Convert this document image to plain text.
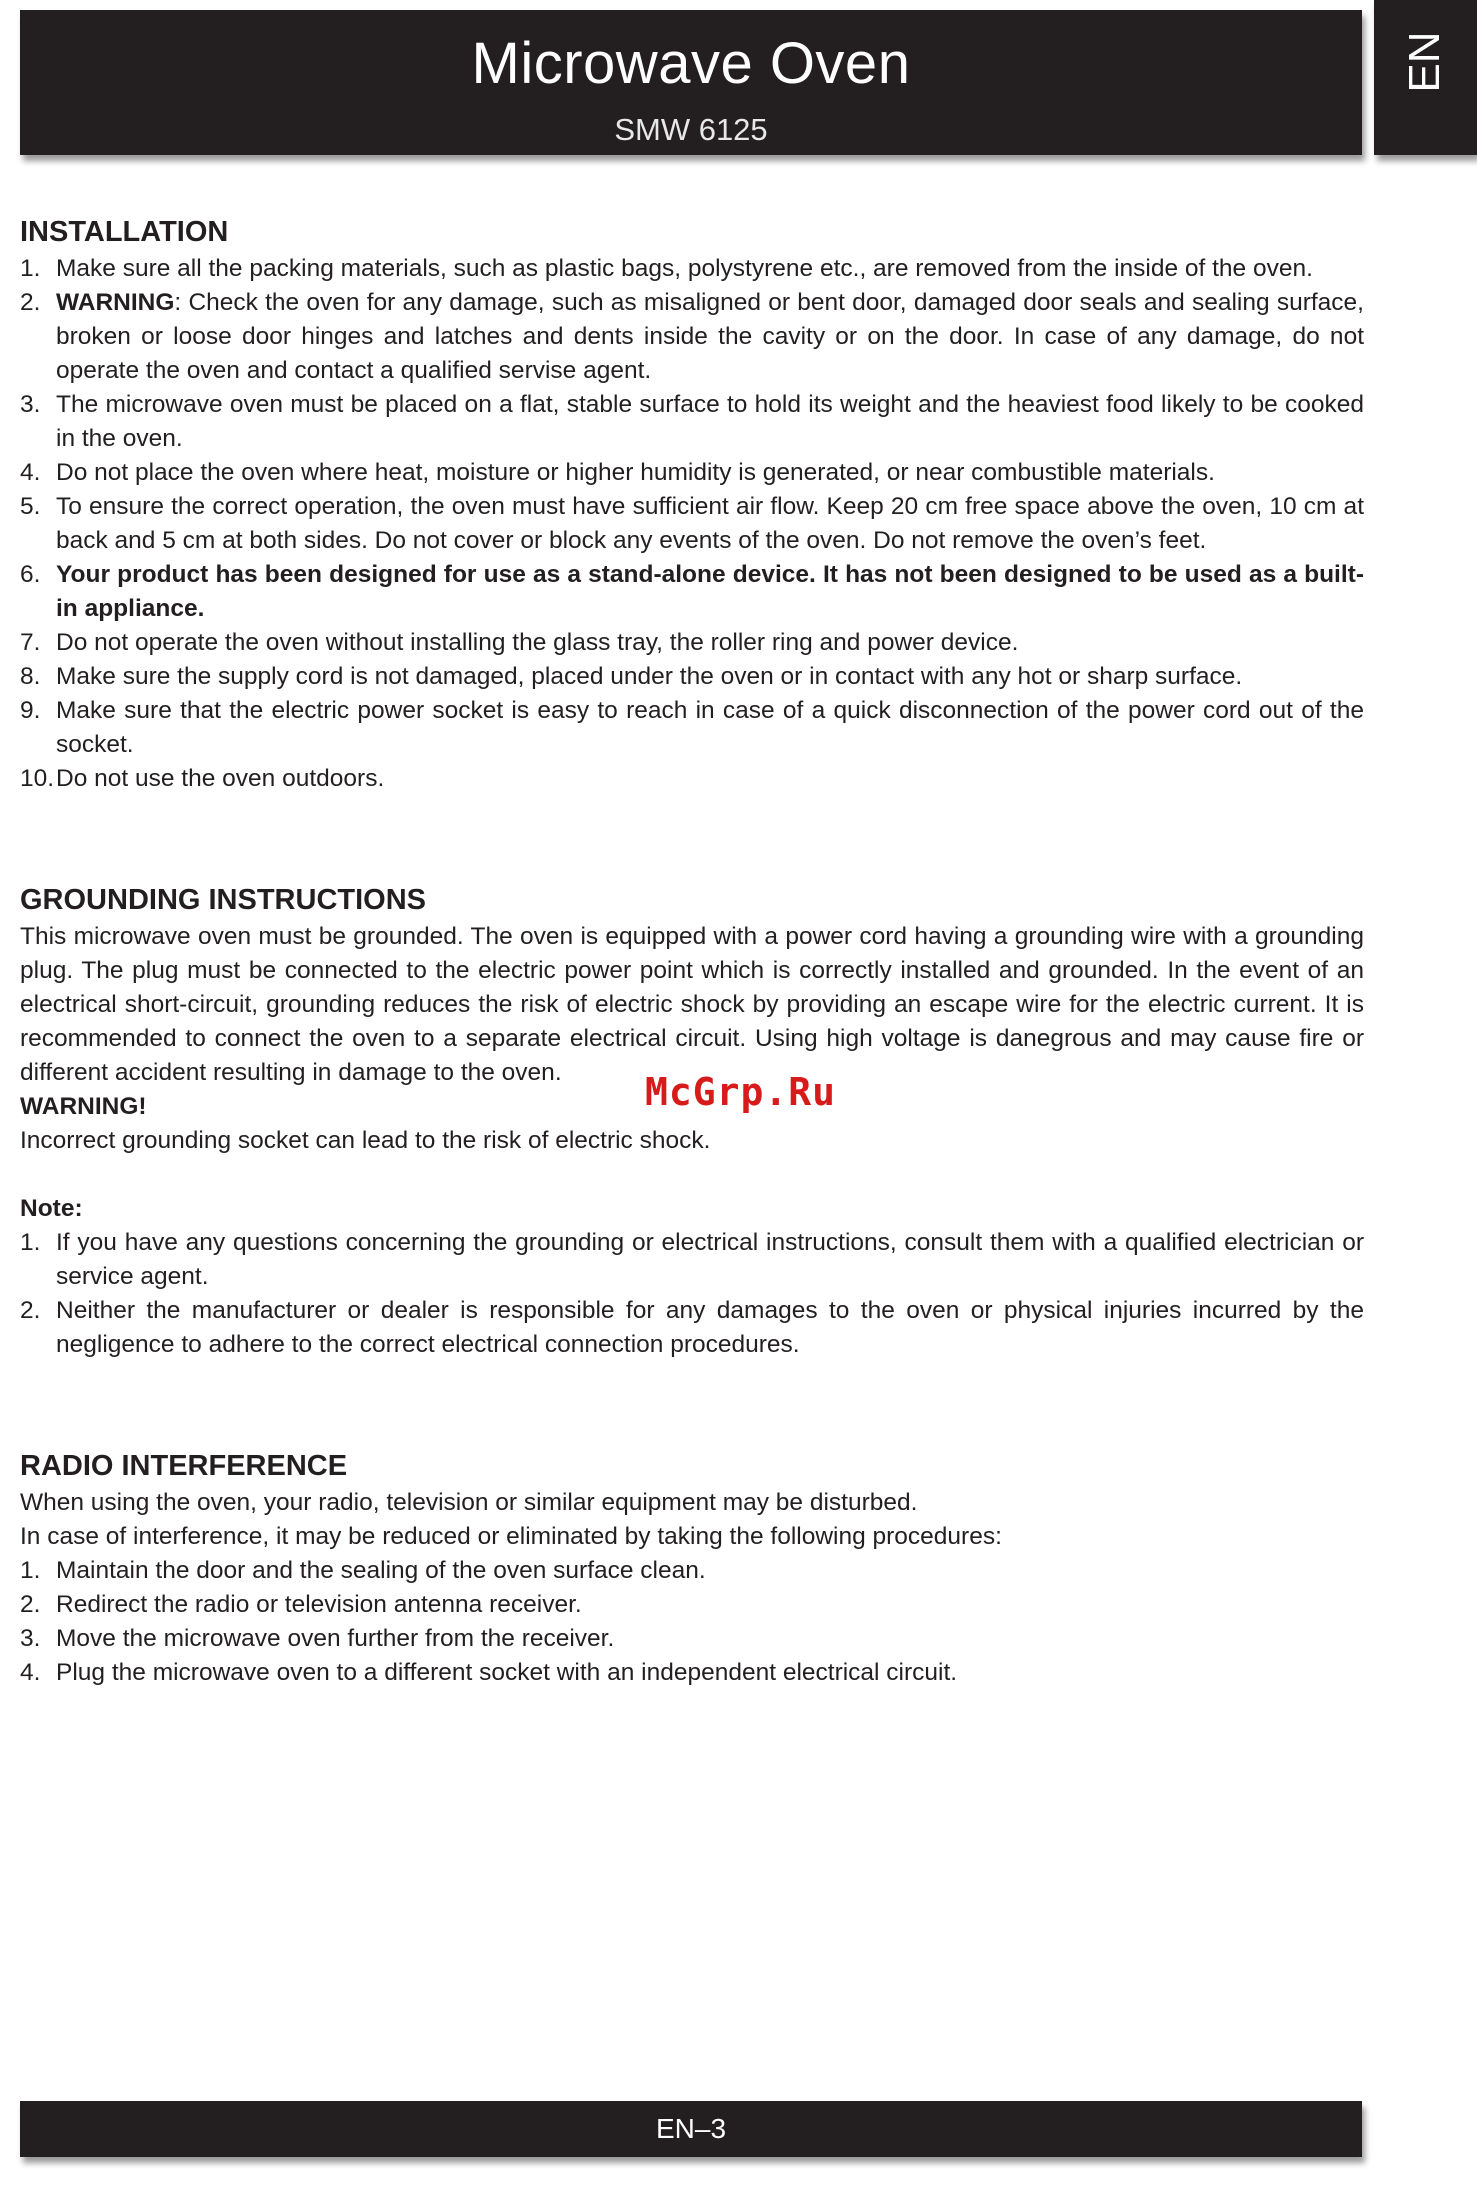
Microwave Oven
SMW 6125
EN
INSTALLATION
1. Make sure all the packing materials, such as plastic bags, polystyrene etc., are removed from the inside of the oven.
2. WARNING: Check the oven for any damage, such as misaligned or bent door, damaged door seals and sealing surface, broken or loose door hinges and latches and dents inside the cavity or on the door. In case of any damage, do not operate the oven and contact a qualified servise agent.
3. The microwave oven must be placed on a flat, stable surface to hold its weight and the heaviest food likely to be cooked in the oven.
4. Do not place the oven where heat, moisture or higher humidity is generated, or near combustible materials.
5. To ensure the correct operation, the oven must have sufficient air flow. Keep 20 cm free space above the oven, 10 cm at back and 5 cm at both sides. Do not cover or block any events of the oven. Do not remove the oven’s feet.
6. Your product has been designed for use as a stand-alone device. It has not been designed to be used as a built-in appliance.
7. Do not operate the oven without installing the glass tray, the roller ring and power device.
8. Make sure the supply cord is not damaged, placed under the oven or in contact with any hot or sharp surface.
9. Make sure that the electric power socket is easy to reach in case of a quick disconnection of the power cord out of the socket.
10. Do not use the oven outdoors.
GROUNDING INSTRUCTIONS

This microwave oven must be grounded. The oven is equipped with a power cord having a grounding wire with a grounding plug. The plug must be connected to the electric power point which is correctly installed and grounded. In the event of an electrical short-circuit, grounding reduces the risk of electric shock by providing an escape wire for the electric current. It is recommended to connect the oven to a separate electrical circuit. Using high voltage is danegrous and may cause fire or different accident resulting in damage to the oven.

WARNING!

Incorrect grounding socket can lead to the risk of electric shock.

Note:
1. If you have any questions concerning the grounding or electrical instructions, consult them with a qualified electrician or service agent.
2. Neither the manufacturer or dealer is responsible for any damages to the oven or physical injuries incurred by the negligence to adhere to the correct electrical connection procedures.
RADIO INTERFERENCE

When using the oven, your radio, television or similar equipment may be disturbed.

In case of interference, it may be reduced or eliminated by taking the following procedures:

1. Maintain the door and the sealing of the oven surface clean.
2. Redirect the radio or television antenna receiver.
3. Move the microwave oven further from the receiver.
4. Plug the microwave oven to a different socket with an independent electrical circuit.
McGrp.Ru
EN–3
